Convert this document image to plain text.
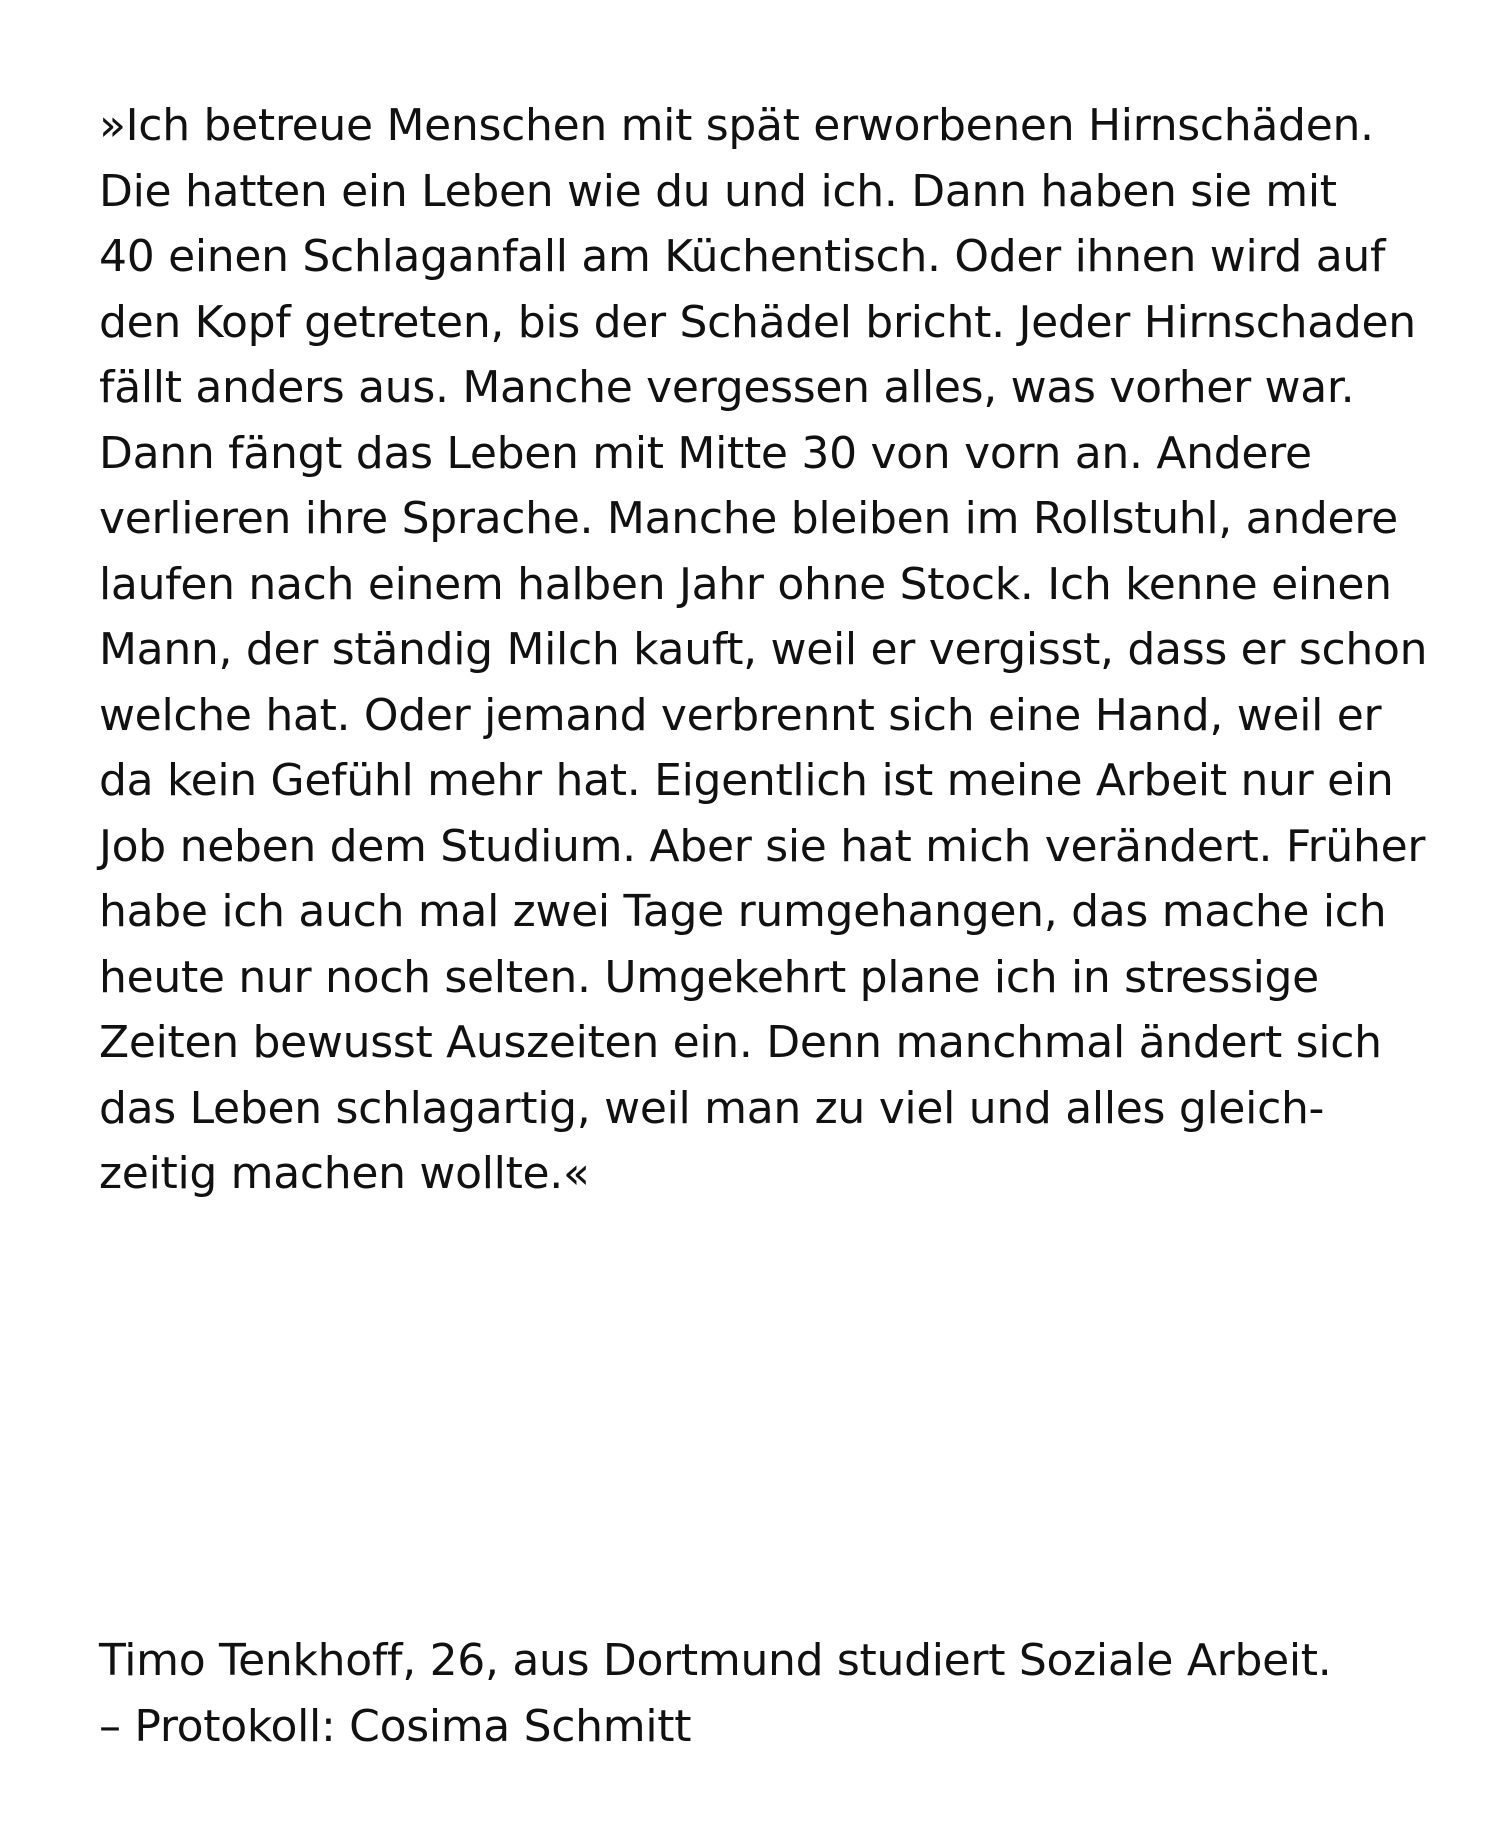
»Ich betreue Menschen mit spät erworbenen Hirnschäden.
Die hatten ein Leben wie du und ich. Dann haben sie mit
40 einen Schlaganfall am Küchentisch. Oder ihnen wird auf
den Kopf getreten, bis der Schädel bricht. Jeder Hirnschaden
fällt anders aus. Manche vergessen alles, was vorher war.
Dann fängt das Leben mit Mitte 30 von vorn an. Andere
verlieren ihre Sprache. Manche bleiben im Rollstuhl, andere
laufen nach einem halben Jahr ohne Stock. Ich kenne einen
Mann, der ständig Milch kauft, weil er vergisst, dass er schon
welche hat. Oder jemand verbrennt sich eine Hand, weil er
da kein Gefühl mehr hat. Eigentlich ist meine Arbeit nur ein
Job neben dem Studium. Aber sie hat mich verändert. Früher
habe ich auch mal zwei Tage rumgehangen, das mache ich
heute nur noch selten. Umgekehrt plane ich in stressige
Zeiten bewusst Auszeiten ein. Denn manchmal ändert sich
das Leben schlagartig, weil man zu viel und alles gleich-
zeitig machen wollte.«
Timo Tenkhoff, 26, aus Dortmund studiert Soziale Arbeit.
– Protokoll: Cosima Schmitt
